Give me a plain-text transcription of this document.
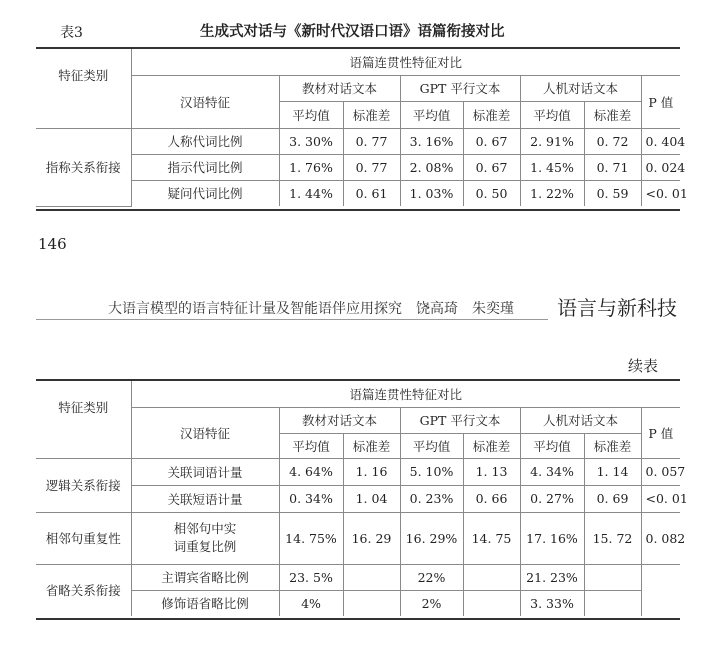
表3	生成式对话与《新时代汉语口语》语篇衔接对比
特征类别	语篇连贯性特征对比							
	汉语特征	教材对话文本		GPT 平行文本		人机对话文本		P 值
		平均值	标准差	平均值	标准差	平均值	标准差	
指称关系衔接	人称代词比例	3. 30%	0. 77	3. 16%	0. 67	2. 91%	0. 72	0. 404
	指示代词比例	1. 76%	0. 77	2. 08%	0. 67	1. 45%	0. 71	0. 024
	疑问代词比例	1. 44%	0. 61	1. 03%	0. 50	1. 22%	0. 59	<0. 01
146
大语言模型的语言特征计量及智能语伴应用探究　饶高琦　朱奕瑾 语言与新科技
续表
特征类别	语篇连贯性特征对比							
	汉语特征	教材对话文本		GPT 平行文本		人机对话文本		P 值
		平均值	标准差	平均值	标准差	平均值	标准差	
逻辑关系衔接	关联词语计量	4. 64%	1. 16	5. 10%	1. 13	4. 34%	1. 14	0. 057
	关联短语计量	0. 34%	1. 04	0. 23%	0. 66	0. 27%	0. 69	<0. 01
相邻句重复性	相邻句中实
词重复比例	14. 75%	16. 29	16. 29%	14. 75	17. 16%	15. 72	0. 082
省略关系衔接	主谓宾省略比例	23. 5%		22%		21. 23%		
	修饰语省略比例	4%		2%		3. 33%		
